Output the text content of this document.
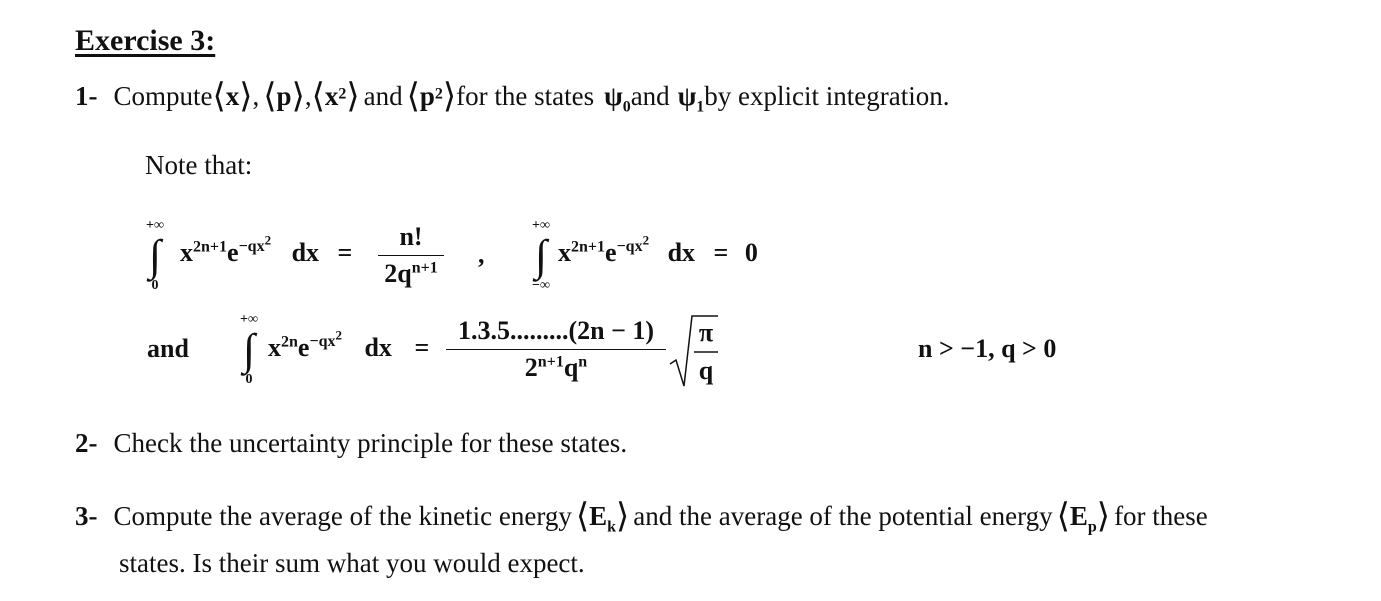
Exercise 3:
1- Compute⟨x⟩, $⟨p⟩,⟨x^2⟩$ and $⟨p^2⟩for$ the states $\psi_0and$ $\psi_1by$ explicit integration.
Note that:
+∞
∫
0
$x^{2n+1}e^{-qx^2}$ dx =
n!
$2q^{n+1}$ ,
+∞
∫
−∞
$x^{2n+1}e^{-qx^2}$ dx = 0
and
+∞
∫
0
$x^{2n}e^{-qx^2}$ dx =
1.3.5.........(2n − 1)
$2^{n+1}q^n$
π
q
n > −1, q > 0
2- Check the uncertainty principle for these states.
3- Compute the average of the kinetic energy $⟨E_k⟩$ and the average of the potential energy $⟨E_p⟩$ for these
states. Is their sum what you would expect.
